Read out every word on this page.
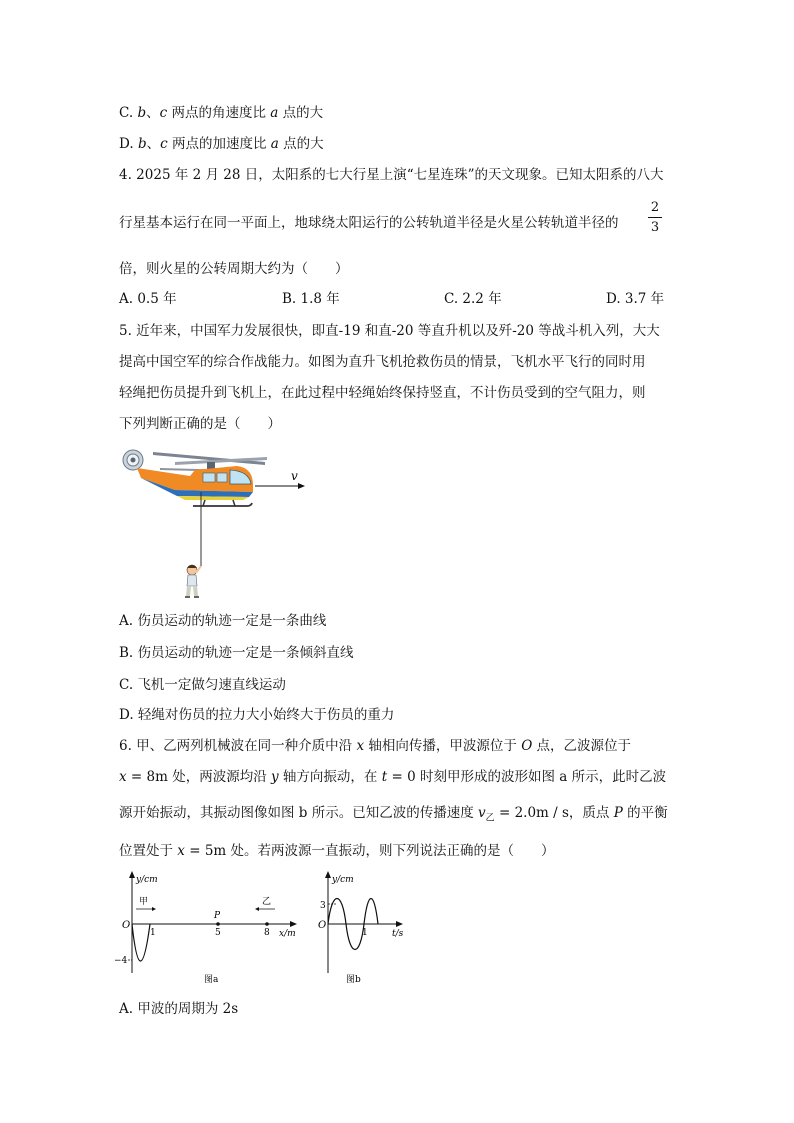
C. b、c 两点的角速度比 a 点的大
D. b、c 两点的加速度比 a 点的大
4. 2025 年 2 月 28 日，太阳系的七大行星上演“七星连珠”的天文现象。已知太阳系的八大
行星基本运行在同一平面上，地球绕太阳运行的公转轨道半径是火星公转轨道半径的
2
3
倍，则火星的公转周期大约为（　　）
A. 0.5 年	B. 1.8 年	C. 2.2 年	D. 3.7 年
5. 近年来，中国军力发展很快，即直-19 和直-20 等直升机以及歼-20 等战斗机入列，大大
提高中国空军的综合作战能力。如图为直升飞机抢救伤员的情景，飞机水平飞行的同时用
轻绳把伤员提升到飞机上，在此过程中轻绳始终保持竖直，不计伤员受到的空气阻力，则
下列判断正确的是（　　）
v
A. 伤员运动的轨迹一定是一条曲线
B. 伤员运动的轨迹一定是一条倾斜直线
C. 飞机一定做匀速直线运动
D. 轻绳对伤员的拉力大小始终大于伤员的重力
6. 甲、乙两列机械波在同一种介质中沿 x 轴相向传播，甲波源位于 O 点，乙波源位于
x = 8m 处，两波源均沿 y 轴方向振动，在 t = 0 时刻甲形成的波形如图 a 所示，此时乙波
源开始振动，其振动图像如图 b 所示。已知乙波的传播速度 $v_乙 = 2.0m / s$，质点 P 的平衡
位置处于 x = 5m 处。若两波源一直振动，则下列说法正确的是（　　）
y/cm
x/m
O
−4
1	5	8
P
甲	乙
图a
y/cm
t/s
O
3
1
图b
A. 甲波的周期为 2s
